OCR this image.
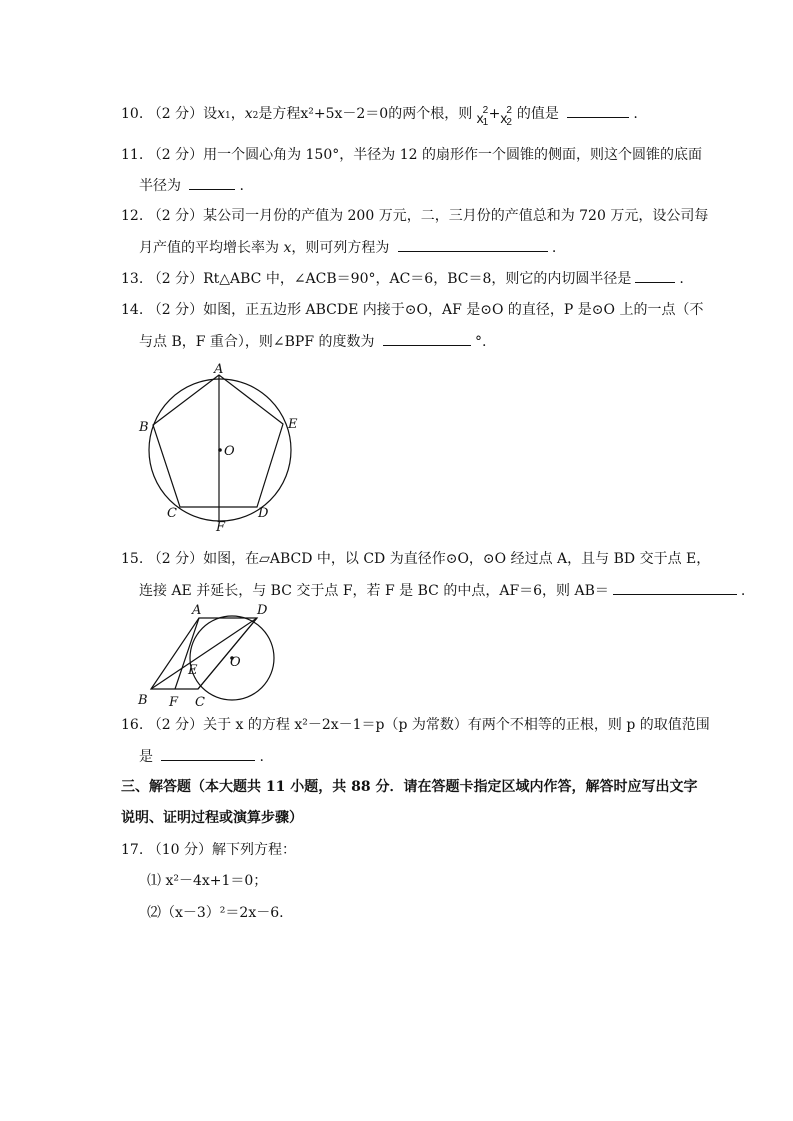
10. （2 分）设x1，x2是方程x²+5x－2＝0的两个根，则 x 2
1
+ x 2
2
的值是	.
11. （2 分）用一个圆心角为 150°，半径为 12 的扇形作一个圆锥的侧面，则这个圆锥的底面
半径为	.
12. （2 分）某公司一月份的产值为 200 万元，二，三月份的产值总和为 720 万元，设公司每
月产值的平均增长率为 x，则可列方程为	.
13. （2 分）Rt△ABC 中，∠ACB＝90°，AC＝6，BC＝8，则它的内切圆半径是	.
14. （2 分）如图，正五边形 ABCDE 内接于⊙O，AF 是⊙O 的直径，P 是⊙O 上的一点（不
与点 B，F 重合），则∠BPF 的度数为	°.
A
B
C	D
E
F
O
15. （2 分）如图，在▱ABCD 中，以 CD 为直径作⊙O，⊙O 经过点 A，且与 BD 交于点 E，
连接 AE 并延长，与 BC 交于点 F，若 F 是 BC 的中点，AF＝6，则 AB＝	.
A	D
E
O
B F C
16. （2 分）关于 x 的方程 x²－2x－1＝p（p 为常数）有两个不相等的正根，则 p 的取值范围
是	.
三、解答题（本大题共 11 小题，共 88 分．请在答题卡指定区域内作答，解答时应写出文字
说明、证明过程或演算步骤）
17. （10 分）解下列方程：
⑴ x²－4x+1＝0；
⑵（x－3）²＝2x－6.
